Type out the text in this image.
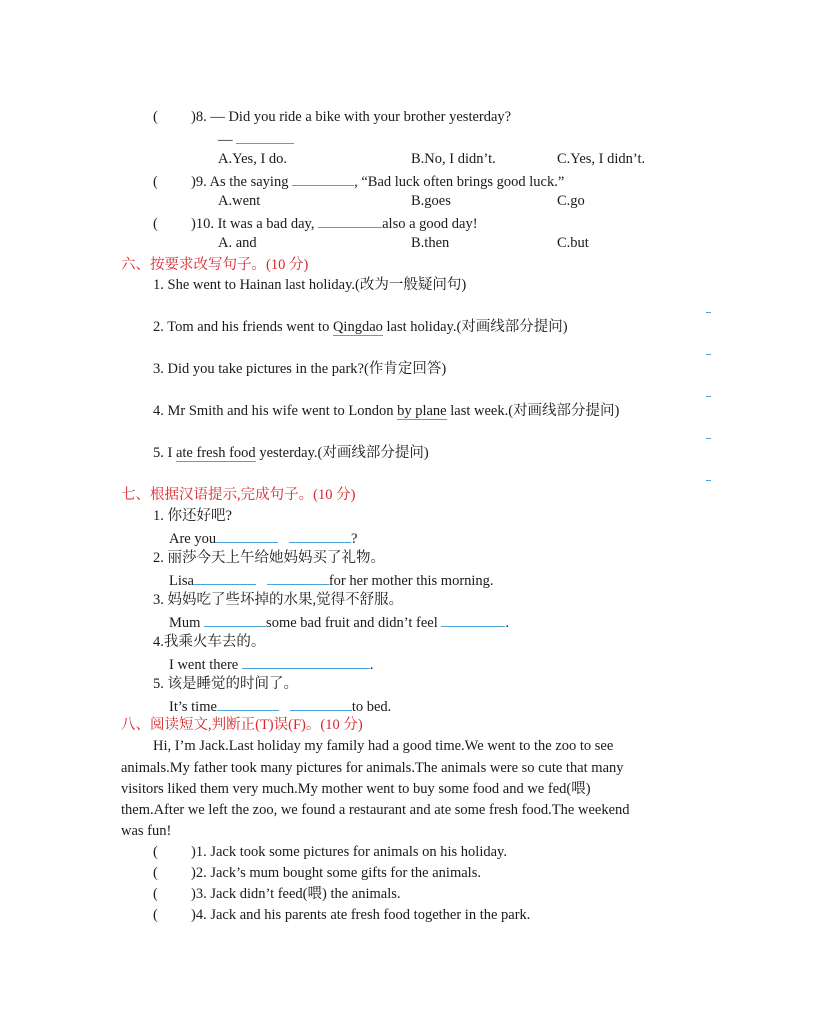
( )8. — Did you ride a bike with your brother yesterday?
—
A.Yes, I do.	B.No, I didn’t.	C.Yes, I didn’t.
( )9. As the saying	, “Bad luck often brings good luck.”
A.went	B.goes	C.go
( )10. It was a bad day,	also a good day!
A. and	B.then	C.but
六、按要求改写句子。(10 分)
1. She went to Hainan last holiday.(改为一般疑问句)
2. Tom and his friends went to Qingdao last holiday.(对画线部分提问)
3. Did you take pictures in the park?(作肯定回答)
4. Mr Smith and his wife went to London by plane last week.(对画线部分提问)
5. I ate fresh food yesterday.(对画线部分提问)
七、根据汉语提示,完成句子。(10 分)
1. 你还好吧?
Are you	?
2. 丽莎今天上午给她妈妈买了礼物。
Lisa	for her mother this morning.
3. 妈妈吃了些坏掉的水果,觉得不舒服。
Mum	some bad fruit and didn’t feel	.
4.我乘火车去的。
I went there	.
5. 该是睡觉的时间了。
It’s time	to bed.
八、阅读短文,判断正(T)误(F)。(10 分)
Hi, I’m Jack.Last holiday my family had a good time.We went to the zoo to see
animals.My father took many pictures for animals.The animals were so cute that many
visitors liked them very much.My mother went to buy some food and we fed(喂)
them.After we left the zoo, we found a restaurant and ate some fresh food.The weekend
was fun!
( )1. Jack took some pictures for animals on his holiday.
( )2. Jack’s mum bought some gifts for the animals.
( )3. Jack didn’t feed(喂) the animals.
( )4. Jack and his parents ate fresh food together in the park.
